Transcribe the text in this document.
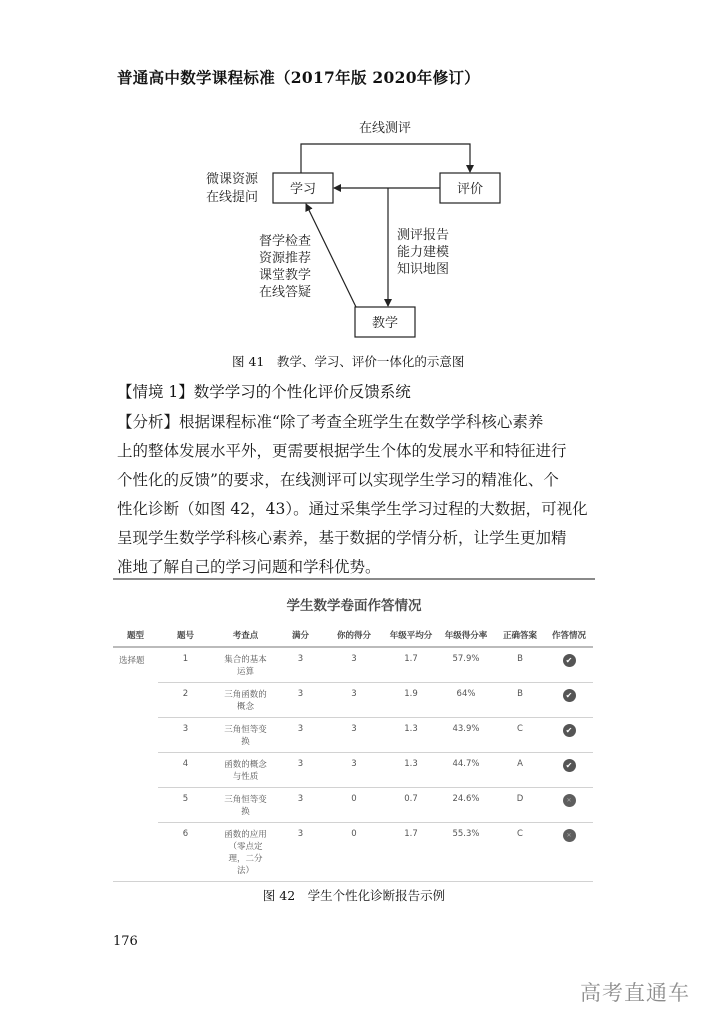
普通高中数学课程标准（2017年版 2020年修订）
学习	评价
教学
在线测评
微课资源
在线提问
督学检查
资源推荐
课堂教学
在线答疑
测评报告
能力建模
知识地图
图 41　教学、学习、评价一体化的示意图
【情境 1】数学学习的个性化评价反馈系统

【分析】根据课程标准“除了考查全班学生在数学学科核心素养

上的整体发展水平外，更需要根据学生个体的发展水平和特征进行

个性化的反馈”的要求，在线测评可以实现学生学习的精准化、个

性化诊断（如图 42，43）。通过采集学生学习过程的大数据，可视化

呈现学生数学学科核心素养，基于数据的学情分析，让学生更加精

准地了解自己的学习问题和学科优势。

学生数学卷面作答情况
题型	题号	考查点	满分	你的得分	年级平均分	年级得分率	正确答案	作答情况
选择题	1	集合的基本
运算	3	3	1.7	57.9%	B	✔
	2	三角函数的
概念	3	3	1.9	64%	B	✔
	3	三角恒等变
换	3	3	1.3	43.9%	C	✔
	4	函数的概念
与性质	3	3	1.3	44.7%	A	✔
	5	三角恒等变
换	3	0	0.7	24.6%	D	✕
	6	函数的应用
（零点定
理，二分
法）	3	0	1.7	55.3%	C	✕
图 42　学生个性化诊断报告示例
176
高考直通车
